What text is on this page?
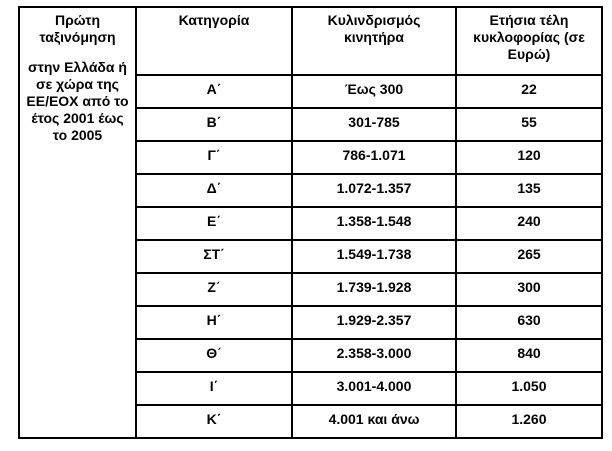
Πρώτη ταξινόμηση
στην Ελλάδα ή σε χώρα της ΕΕ/ΕΟΧ από το έτος 2001 έως το 2005	Κατηγορία	Κυλινδρισμός κινητήρα	Ετήσια τέλη κυκλοφορίας (σε Ευρώ)
	Α΄	Έως 300	22
	Β΄	301-785	55
	Γ΄	786-1.071	120
	Δ΄	1.072-1.357	135
	Ε΄	1.358-1.548	240
	ΣΤ΄	1.549-1.738	265
	Ζ΄	1.739-1.928	300
	Η΄	1.929-2.357	630
	Θ΄	2.358-3.000	840
	Ι΄	3.001-4.000	1.050
	Κ΄	4.001 και άνω	1.260
